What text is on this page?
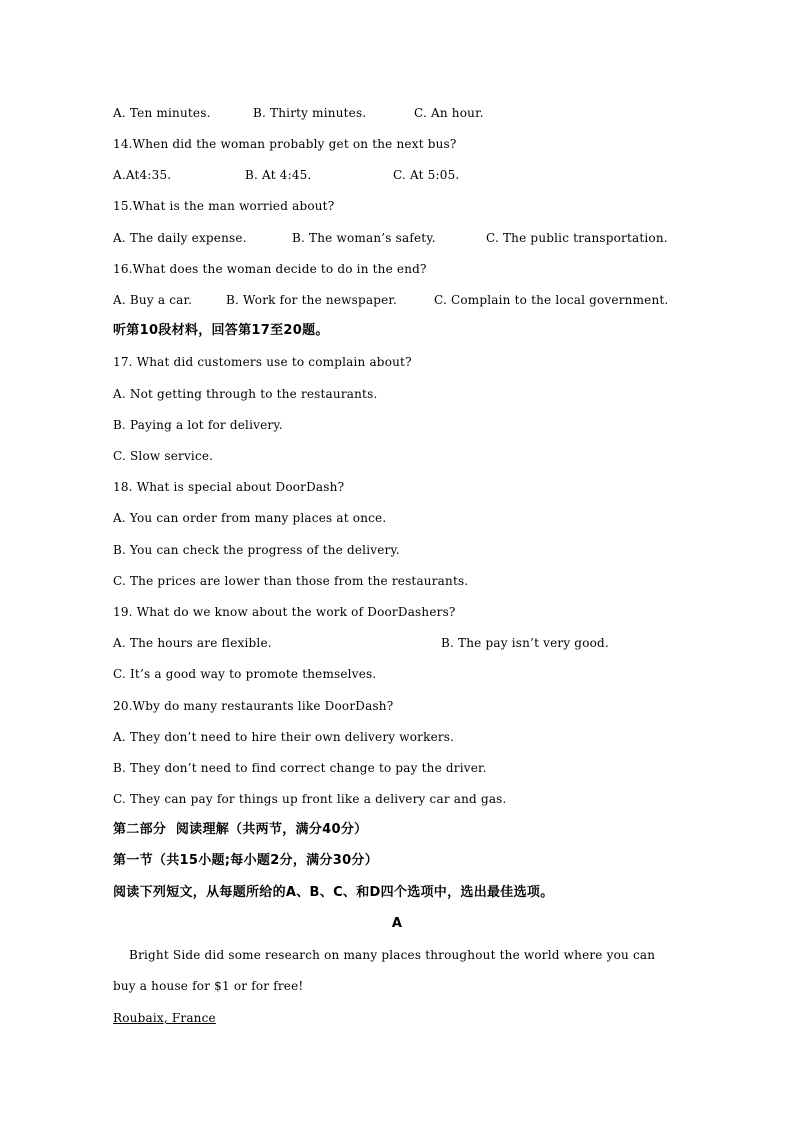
A. Ten minutes.	B. Thirty minutes.	C. An hour.
14.When did the woman probably get on the next bus?
A.At4:35.	B. At 4:45.	C. At 5:05.
15.What is the man worried about?
A. The daily expense.	B. The woman’s safety.	C. The public transportation.
16.What does the woman decide to do in the end?
A. Buy a car.	B. Work for the newspaper.	C. Complain to the local government.
听第10段材料，回答第17至20题。
17. What did customers use to complain about?
A. Not getting through to the restaurants.
B. Paying a lot for delivery.
C. Slow service.
18. What is special about DoorDash?
A. You can order from many places at once.
B. You can check the progress of the delivery.
C. The prices are lower than those from the restaurants.
19. What do we know about the work of DoorDashers?
A. The hours are flexible.	B. The pay isn’t very good.
C. It’s a good way to promote themselves.
20.Wby do many restaurants like DoorDash?
A. They don’t need to hire their own delivery workers.
B. They don’t need to find correct change to pay the driver.
C. They can pay for things up front like a delivery car and gas.
第二部分  阅读理解（共两节，满分40分）
第一节（共15小题;每小题2分，满分30分）
阅读下列短文，从每题所给的A、B、C、和D四个选项中，选出最佳选项。
A
Bright Side did some research on many places throughout the world where you can
buy a house for $1 or for free!
Roubaix, France
